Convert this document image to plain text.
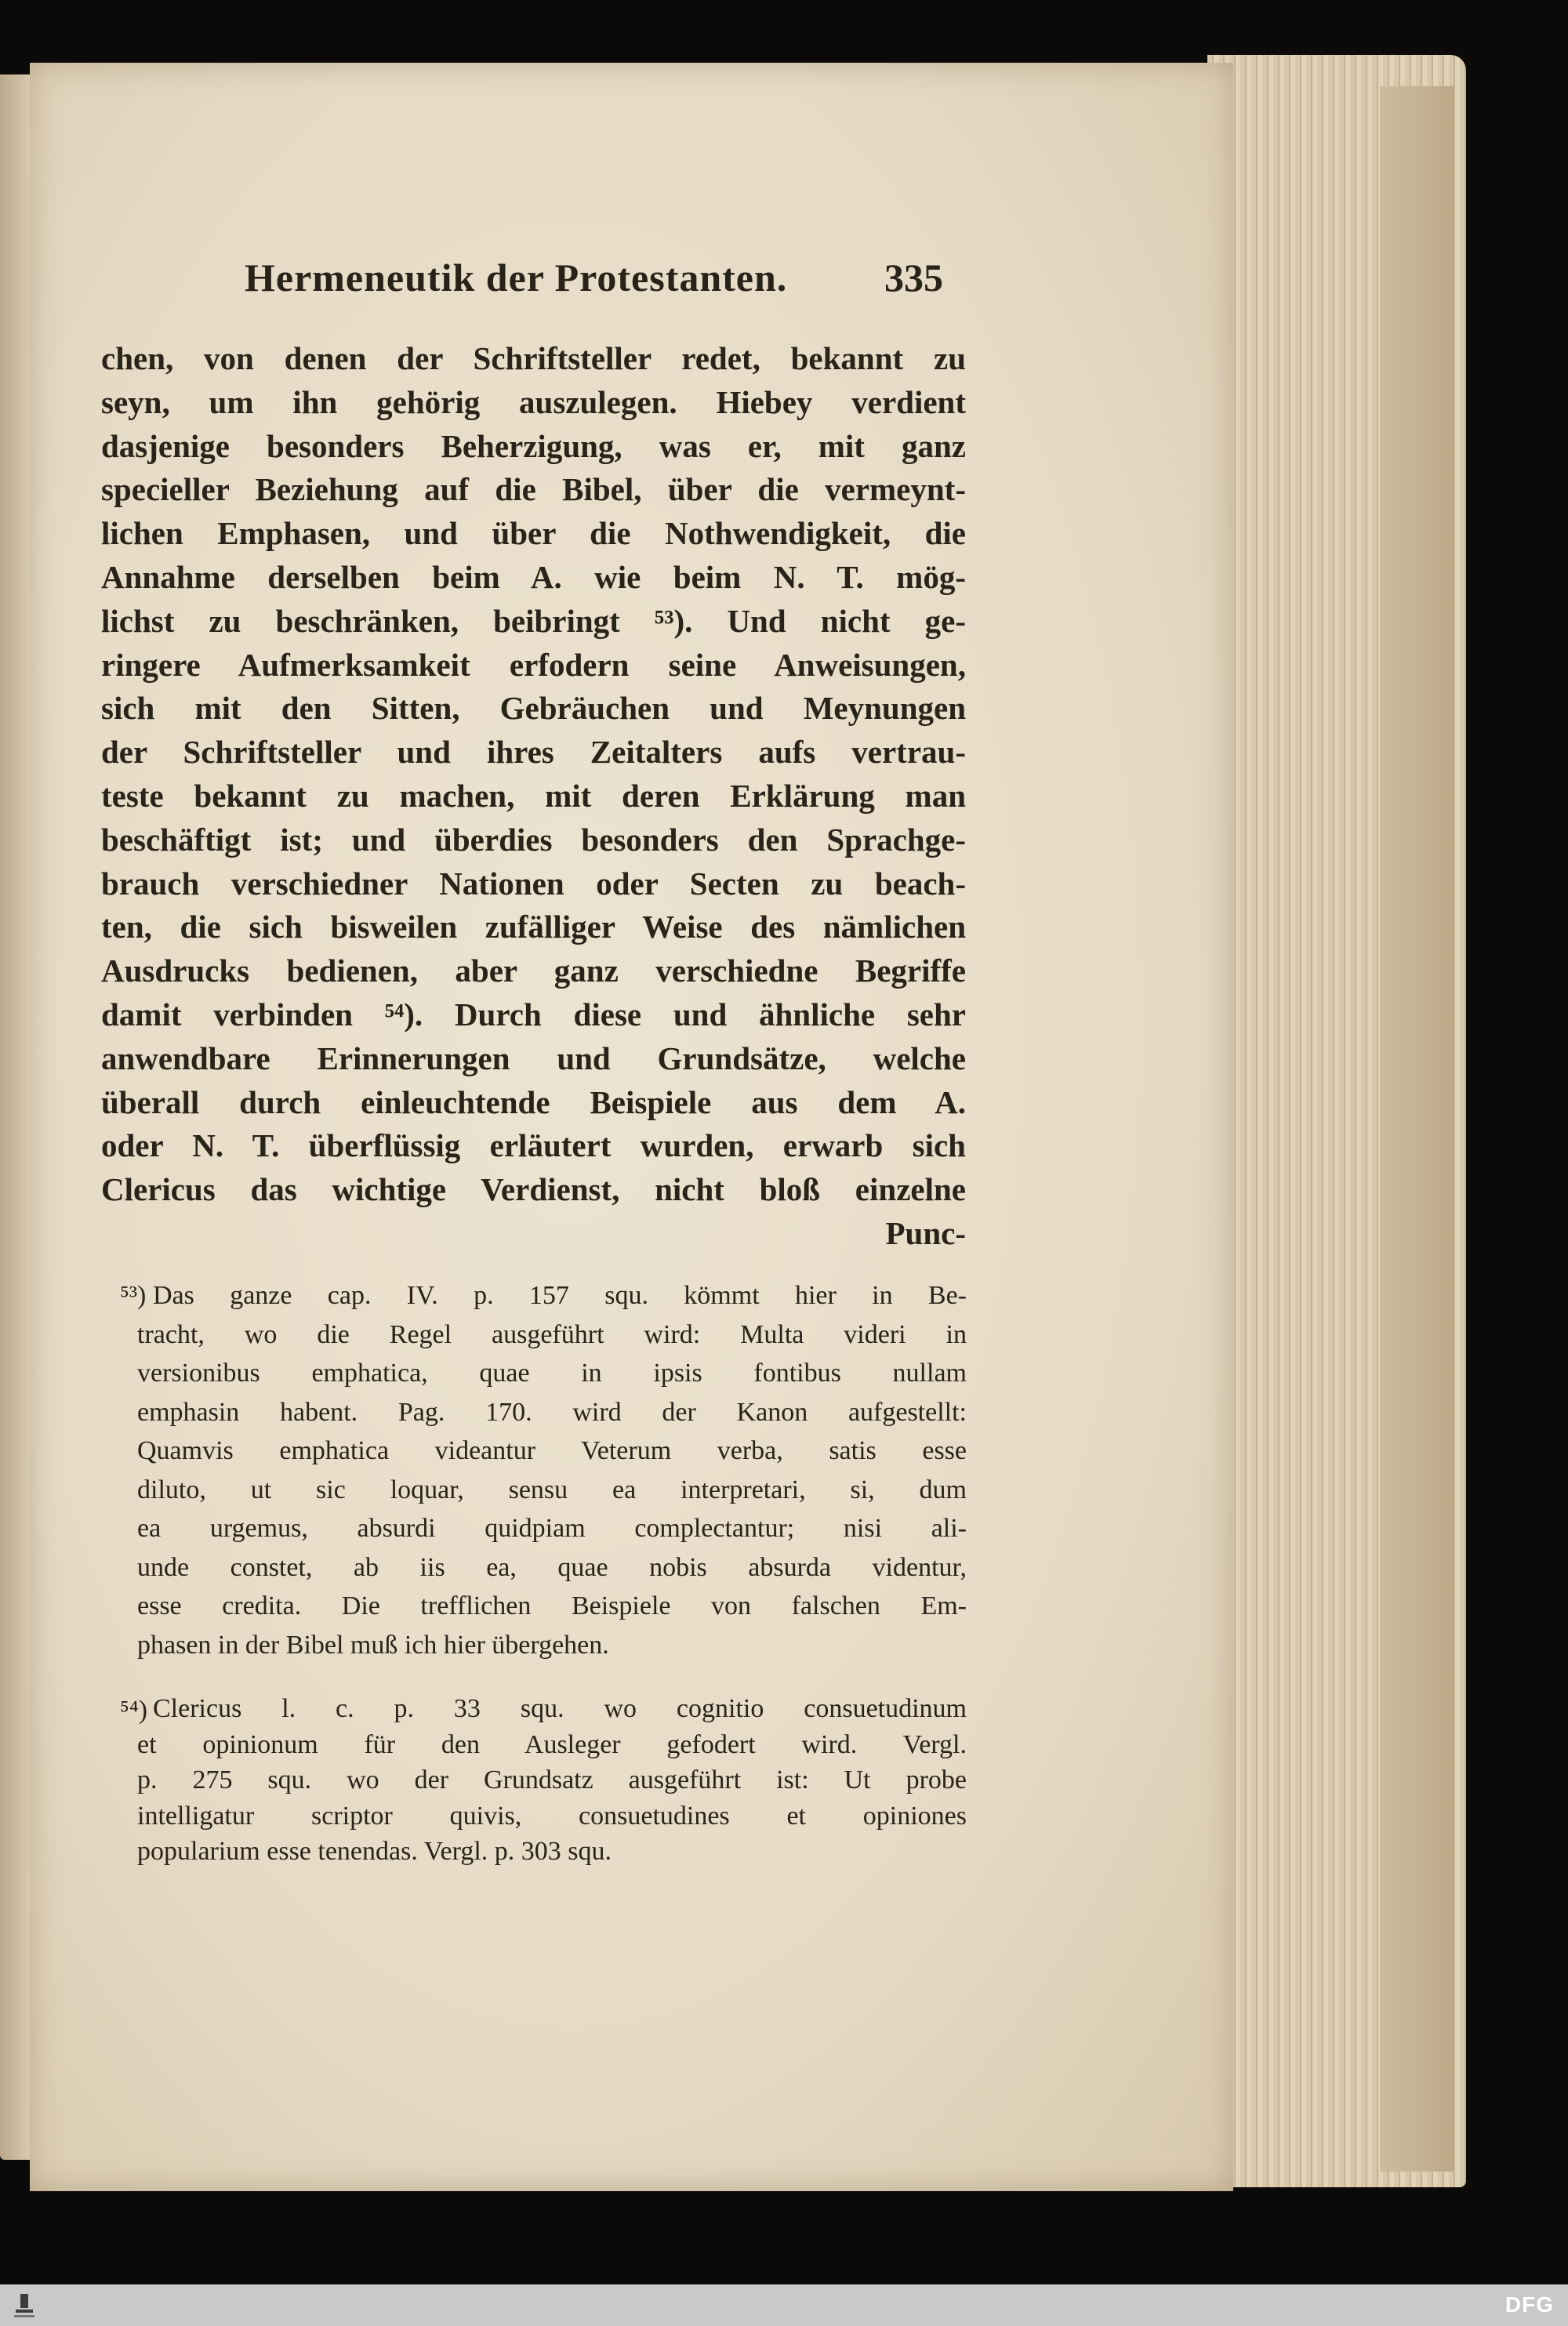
Hermeneutik der Protestanten. 335
chen, von denen der Schriftsteller redet, bekannt zu
seyn, um ihn gehörig auszulegen. Hiebey verdient
dasjenige besonders Beherzigung, was er, mit ganz
specieller Beziehung auf die Bibel, über die vermeynt-
lichen Emphasen, und über die Nothwendigkeit, die
Annahme derselben beim A. wie beim N. T. mög-
lichst zu beschränken, beibringt ⁵³). Und nicht ge-
ringere Aufmerksamkeit erfodern seine Anweisungen,
sich mit den Sitten, Gebräuchen und Meynungen
der Schriftsteller und ihres Zeitalters aufs vertrau-
teste bekannt zu machen, mit deren Erklärung man
beschäftigt ist; und überdies besonders den Sprachge-
brauch verschiedner Nationen oder Secten zu beach-
ten, die sich bisweilen zufälliger Weise des nämlichen
Ausdrucks bedienen, aber ganz verschiedne Begriffe
damit verbinden ⁵⁴). Durch diese und ähnliche sehr
anwendbare Erinnerungen und Grundsätze, welche
überall durch einleuchtende Beispiele aus dem A.
oder N. T. überflüssig erläutert wurden, erwarb sich
Clericus das wichtige Verdienst, nicht bloß einzelne
Punc-
⁵³) Das ganze cap. IV. p. 157 squ. kömmt hier in Be-
tracht, wo die Regel ausgeführt wird: Multa videri in
versionibus emphatica, quae in ipsis fontibus nullam
emphasin habent. Pag. 170. wird der Kanon aufgestellt:
Quamvis emphatica videantur Veterum verba, satis esse
diluto, ut sic loquar, sensu ea interpretari, si, dum
ea urgemus, absurdi quidpiam complectantur; nisi ali-
unde constet, ab iis ea, quae nobis absurda videntur,
esse credita. Die trefflichen Beispiele von falschen Em-
phasen in der Bibel muß ich hier übergehen.
⁵⁴) Clericus l. c. p. 33 squ. wo cognitio consuetudinum
et opinionum für den Ausleger gefodert wird. Vergl.
p. 275 squ. wo der Grundsatz ausgeführt ist: Ut probe
intelligatur scriptor quivis, consuetudines et opiniones
popularium esse tenendas. Vergl. p. 303 squ.
DFG
